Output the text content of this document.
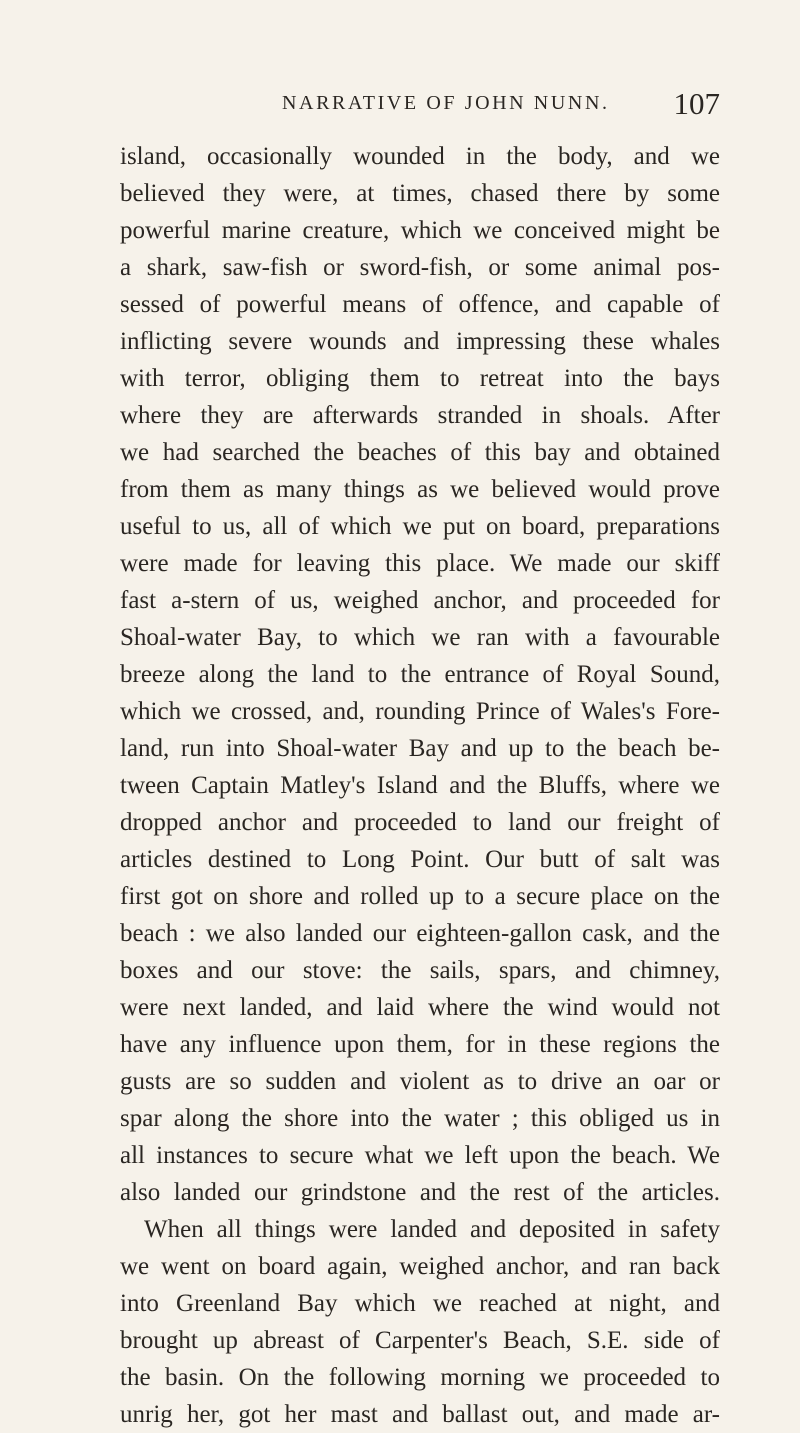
NARRATIVE OF JOHN NUNN. 107
island, occasionally wounded in the body, and we
believed they were, at times, chased there by some
powerful marine creature, which we conceived might be
a shark, saw-fish or sword-fish, or some animal pos-
sessed of powerful means of offence, and capable of
inflicting severe wounds and impressing these whales
with terror, obliging them to retreat into the bays
where they are afterwards stranded in shoals. After
we had searched the beaches of this bay and obtained
from them as many things as we believed would prove
useful to us, all of which we put on board, preparations
were made for leaving this place. We made our skiff
fast a-stern of us, weighed anchor, and proceeded for
Shoal-water Bay, to which we ran with a favourable
breeze along the land to the entrance of Royal Sound,
which we crossed, and, rounding Prince of Wales's Fore-
land, run into Shoal-water Bay and up to the beach be-
tween Captain Matley's Island and the Bluffs, where we
dropped anchor and proceeded to land our freight of
articles destined to Long Point. Our butt of salt was
first got on shore and rolled up to a secure place on the
beach : we also landed our eighteen-gallon cask, and the
boxes and our stove: the sails, spars, and chimney,
were next landed, and laid where the wind would not
have any influence upon them, for in these regions the
gusts are so sudden and violent as to drive an oar or
spar along the shore into the water ; this obliged us in
all instances to secure what we left upon the beach. We
also landed our grindstone and the rest of the articles.
When all things were landed and deposited in safety
we went on board again, weighed anchor, and ran back
into Greenland Bay which we reached at night, and
brought up abreast of Carpenter's Beach, S.E. side of
the basin. On the following morning we proceeded to
unrig her, got her mast and ballast out, and made ar-
